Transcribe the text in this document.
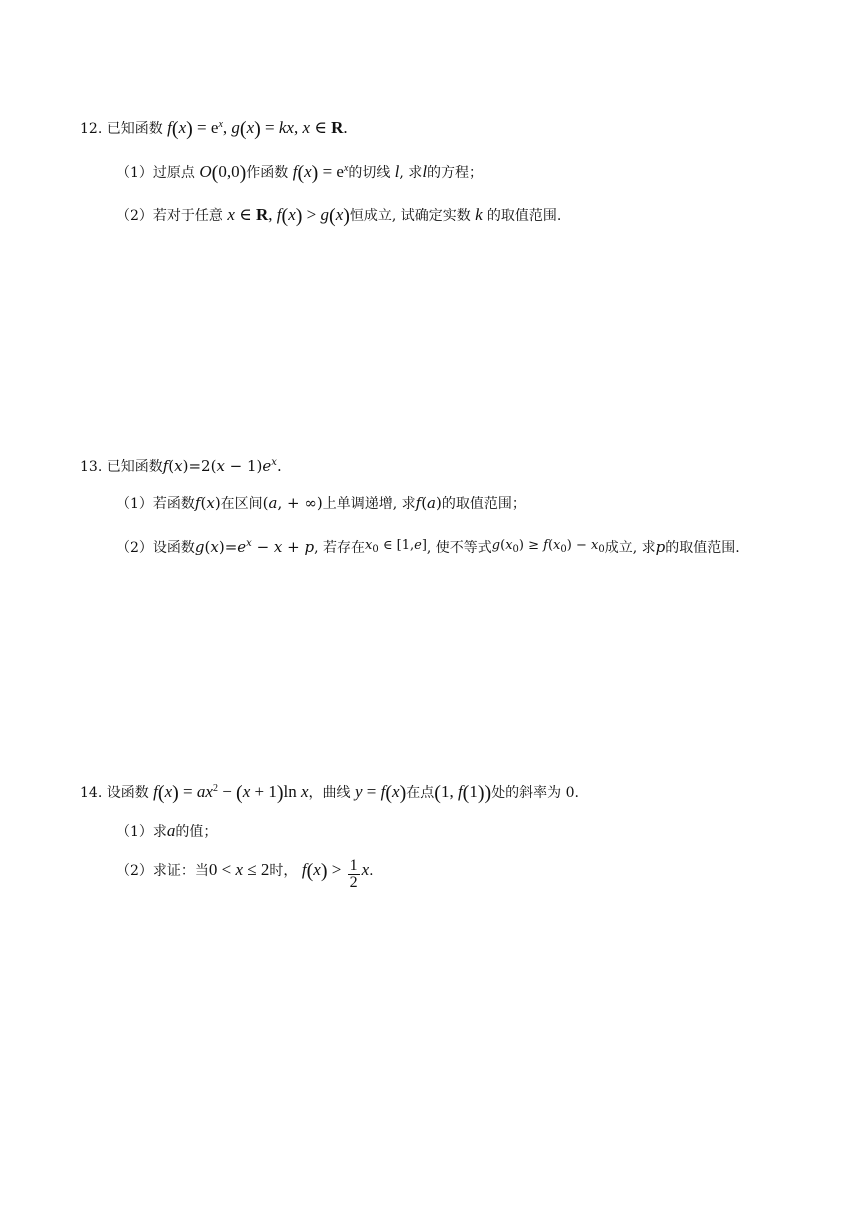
12. 已知函数 $f(x) = e^x$, g(x) = kx, x ∈ R.
（1）过原点 O(0,0)作函数 $f(x) = e^x$的切线 l, 求l的方程；
（2）若对于任意 x ∈ R, f(x) > g(x)恒成立, 试确定实数 k 的取值范围.
13. 已知函数$f(x)=2(x - 1)e^x$.
（1）若函数f(x)在区间(a, + ∞)上单调递增, 求f(a)的取值范围；
（2）设函数$g(x)=e^x - x + p$, 若存在$x_0$ ∈ [1,e], 使不等式$g(x_0) \ge f(x_0) - x_0$成立, 求p的取值范围.
14. 设函数 $f(x) = ax^2 - (x + 1)\ln$ x，曲线 y = f(x)在点(1, f(1))处的斜率为 0.
（1）求a的值；
（2）求证：当0 < x ≤ 2时， $f(x) > \frac{1}{2} x$.
